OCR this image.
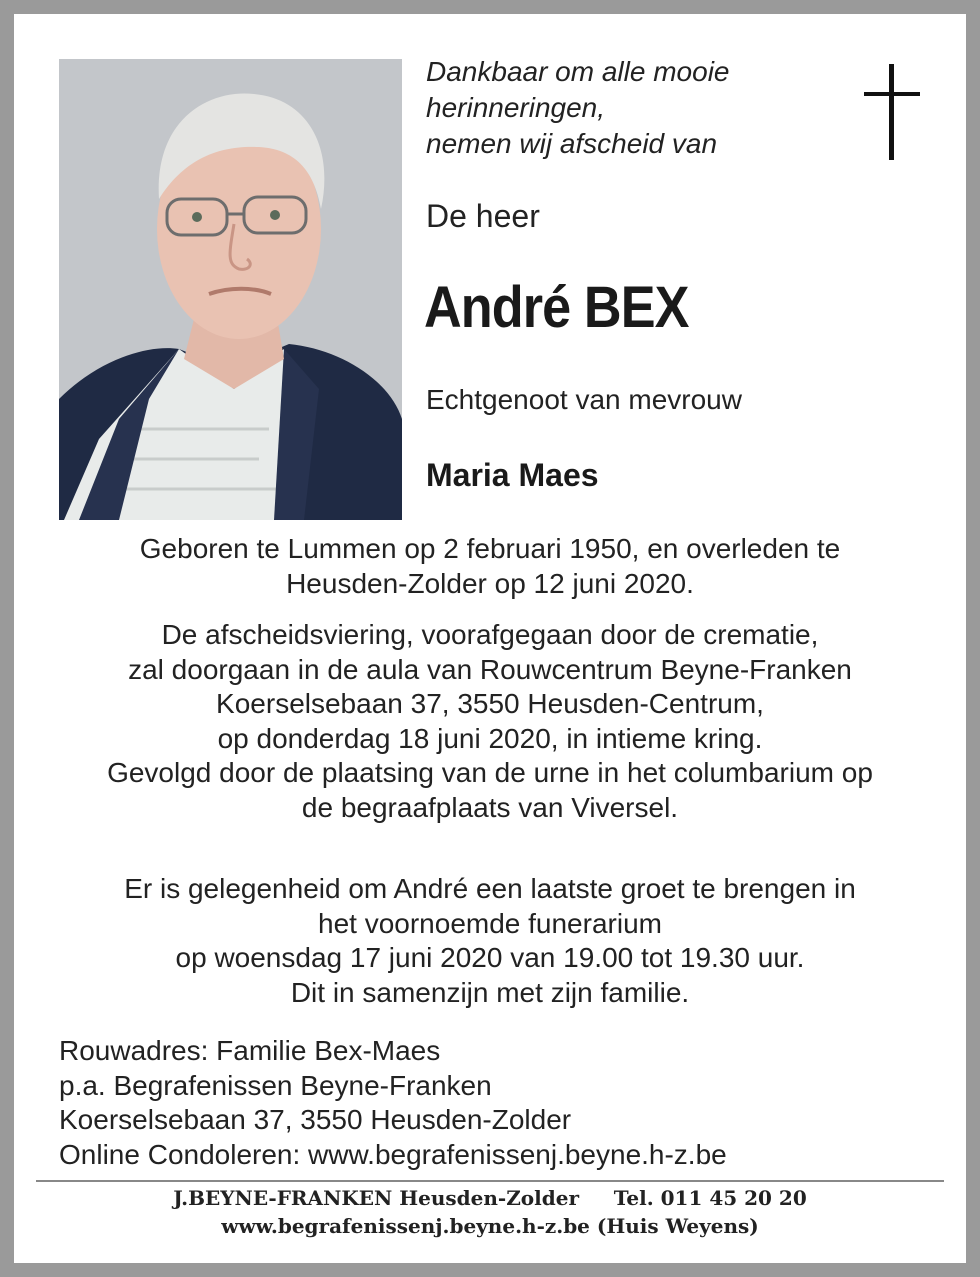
Dankbaar om alle mooie
herinneringen,
nemen wij afscheid van
De heer
André BEX
Echtgenoot van mevrouw
Maria Maes
Geboren te Lummen op 2 februari 1950, en overleden te
Heusden-Zolder op 12 juni 2020.
De afscheidsviering, voorafgegaan door de crematie,
zal doorgaan in de aula van Rouwcentrum Beyne-Franken
Koerselsebaan 37, 3550 Heusden-Centrum,
op donderdag 18 juni 2020, in intieme kring.
Gevolgd door de plaatsing van de urne in het columbarium op
de begraafplaats van Viversel.
Er is gelegenheid om André een laatste groet te brengen in
het voornoemde funerarium
op woensdag 17 juni 2020 van 19.00 tot 19.30 uur.
Dit in samenzijn met zijn familie.
Rouwadres: Familie Bex-Maes
p.a. Begrafenissen Beyne-Franken
Koerselsebaan 37, 3550 Heusden-Zolder
Online Condoleren: www.begrafenissenj.beyne.h-z.be
J.BEYNE-FRANKEN Heusden-Zolder     Tel. 011 45 20 20
www.begrafenissenj.beyne.h-z.be (Huis Weyens)
